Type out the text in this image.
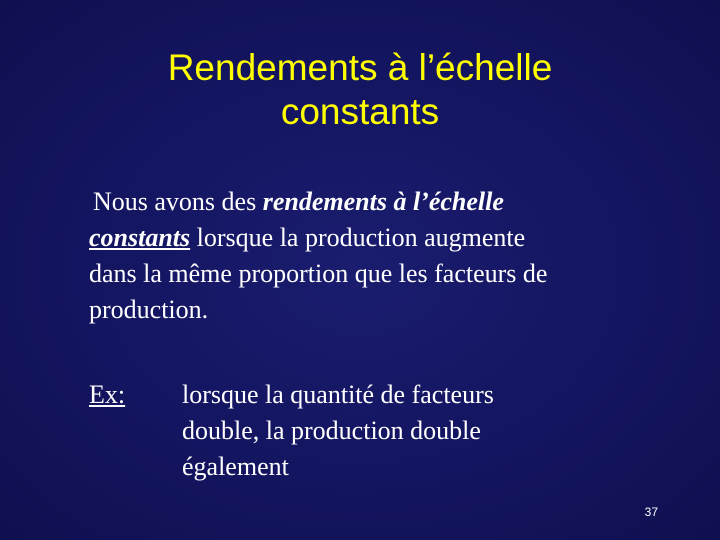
Rendements à l’échelle
constants
Nous avons des rendements à l’échelle
constants lorsque la production augmente
dans la même proportion que les facteurs de
production.
Ex: lorsque la quantité de facteurs
double, la production double
également
37
